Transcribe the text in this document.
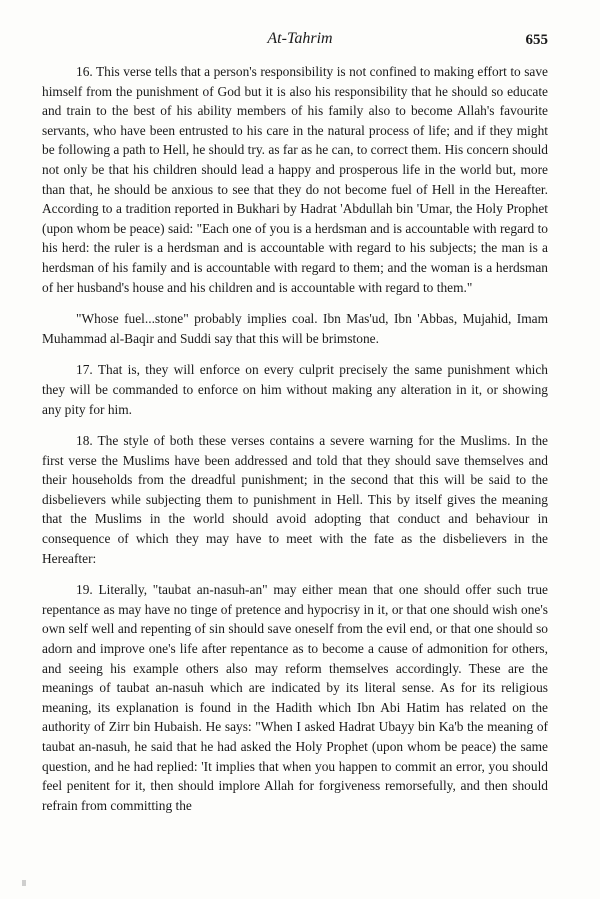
At-Tahrim	655

16. This verse tells that a person's responsibility is not confined to making effort to save himself from the punishment of God but it is also his responsibility that he should so educate and train to the best of his ability members of his family also to become Allah's favourite servants, who have been entrusted to his care in the natural process of life; and if they might be following a path to Hell, he should try. as far as he can, to correct them. His concern should not only be that his children should lead a happy and prosperous life in the world but, more than that, he should be anxious to see that they do not become fuel of Hell in the Hereafter. According to a tradition reported in Bukhari by Hadrat 'Abdullah bin 'Umar, the Holy Prophet (upon whom be peace) said: "Each one of you is a herdsman and is accountable with regard to his herd: the ruler is a herdsman and is accountable with regard to his subjects; the man is a herdsman of his family and is accountable with regard to them; and the woman is a herdsman of her husband's house and his children and is accountable with regard to them."

"Whose fuel...stone" probably implies coal. Ibn Mas'ud, Ibn 'Abbas, Mujahid, Imam Muhammad al-Baqir and Suddi say that this will be brimstone.

17. That is, they will enforce on every culprit precisely the same punishment which they will be commanded to enforce on him without making any alteration in it, or showing any pity for him.

18. The style of both these verses contains a severe warning for the Muslims. In the first verse the Muslims have been addressed and told that they should save themselves and their households from the dreadful punishment; in the second that this will be said to the disbelievers while subjecting them to punishment in Hell. This by itself gives the meaning that the Muslims in the world should avoid adopting that conduct and behaviour in consequence of which they may have to meet with the fate as the disbelievers in the Hereafter:

19. Literally, "taubat an-nasuh-an" may either mean that one should offer such true repentance as may have no tinge of pretence and hypocrisy in it, or that one should wish one's own self well and repenting of sin should save oneself from the evil end, or that one should so adorn and improve one's life after repentance as to become a cause of admonition for others, and seeing his example others also may reform themselves accordingly. These are the meanings of taubat an-nasuh which are indicated by its literal sense. As for its religious meaning, its explanation is found in the Hadith which Ibn Abi Hatim has related on the authority of Zirr bin Hubaish. He says: "When I asked Hadrat Ubayy bin Ka'b the meaning of taubat an-nasuh, he said that he had asked the Holy Prophet (upon whom be peace) the same question, and he had replied: 'It implies that when you happen to commit an error, you should feel penitent for it, then should implore Allah for forgiveness remorsefully, and then should refrain from committing the
